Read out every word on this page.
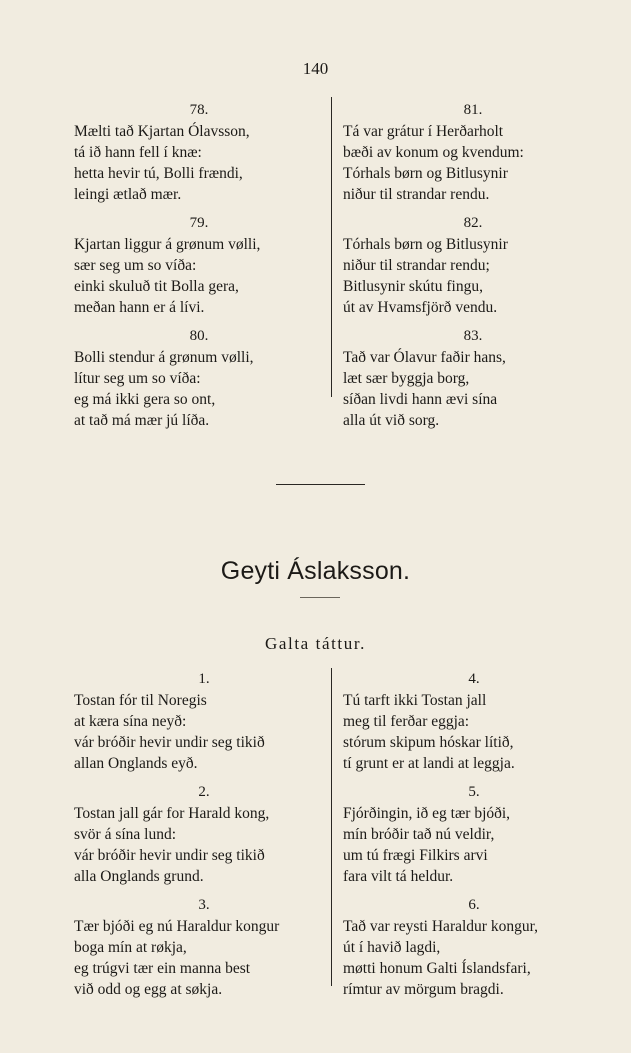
140
78.
Mælti tað Kjartan Ólavsson,
tá ið hann fell í knæ:
hetta hevir tú, Bolli frændi,
leingi ætlað mær.
79.
Kjartan liggur á grønum vølli,
sær seg um so víða:
einki skuluð tit Bolla gera,
meðan hann er á lívi.
80.
Bolli stendur á grønum vølli,
lítur seg um so víða:
eg má ikki gera so ont,
at tað má mær jú líða.
81.
Tá var grátur í Herðarholt
bæði av konum og kvendum:
Tórhals børn og Bitlusynir
niður til strandar rendu.
82.
Tórhals børn og Bitlusynir
niður til strandar rendu;
Bitlusynir skútu fingu,
út av Hvamsfjörð vendu.
83.
Tað var Ólavur faðir hans,
læt sær byggja borg,
síðan livdi hann ævi sína
alla út við sorg.
Geyti Áslaksson.
Galta táttur.
1.
Tostan fór til Noregis
at kæra sína neyð:
vár bróðir hevir undir seg tikið
allan Onglands eyð.
2.
Tostan jall gár for Harald kong,
svör á sína lund:
vár bróðir hevir undir seg tikið
alla Onglands grund.
3.
Tær bjóði eg nú Haraldur kongur
boga mín at røkja,
eg trúgvi tær ein manna best
við odd og egg at søkja.
4.
Tú tarft ikki Tostan jall
meg til ferðar eggja:
stórum skipum hóskar lítið,
tí grunt er at landi at leggja.
5.
Fjórðingin, ið eg tær bjóði,
mín bróðir tað nú veldir,
um tú frægi Filkirs arvi
fara vilt tá heldur.
6.
Tað var reysti Haraldur kongur,
út í havið lagdi,
møtti honum Galti Íslandsfari,
rímtur av mörgum bragdi.
